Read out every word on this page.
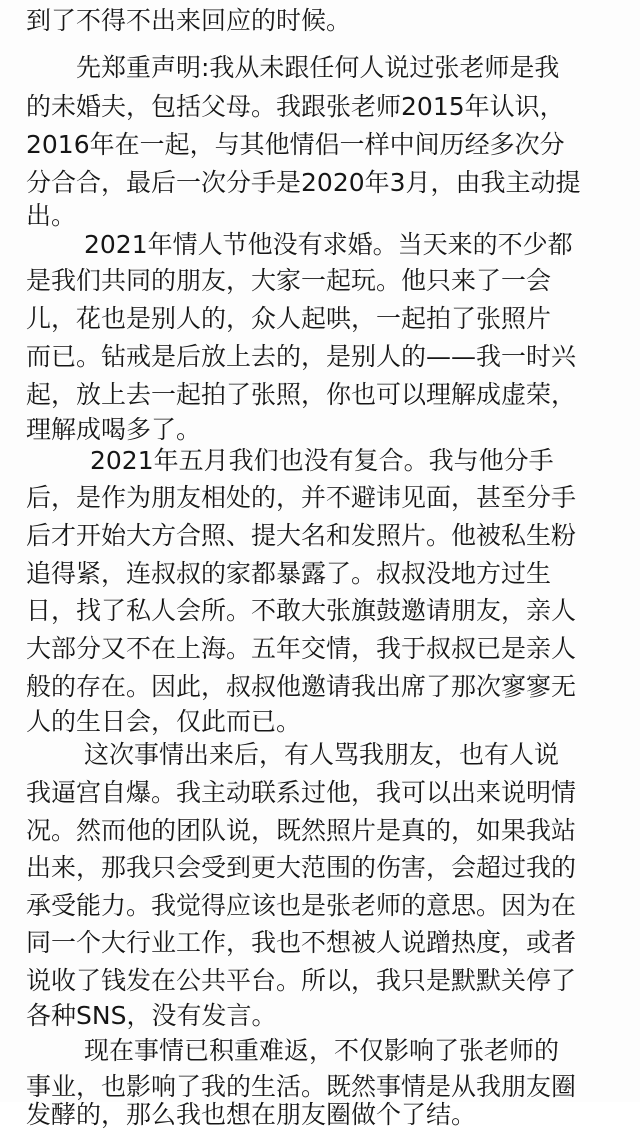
到了不得不出来回应的时候。
先郑重声明:我从未跟任何人说过张老师是我
的未婚夫，包括父母。我跟张老师2015年认识，
2016年在一起，与其他情侣一样中间历经多次分
分合合，最后一次分手是2020年3月，由我主动提
出。
2021年情人节他没有求婚。当天来的不少都
是我们共同的朋友，大家一起玩。他只来了一会
儿，花也是别人的，众人起哄，一起拍了张照片
而已。钻戒是后放上去的，是别人的——我一时兴
起，放上去一起拍了张照，你也可以理解成虚荣，
理解成喝多了。
2021年五月我们也没有复合。我与他分手
后，是作为朋友相处的，并不避讳见面，甚至分手
后才开始大方合照、提大名和发照片。他被私生粉
追得紧，连叔叔的家都暴露了。叔叔没地方过生
日，找了私人会所。不敢大张旗鼓邀请朋友，亲人
大部分又不在上海。五年交情，我于叔叔已是亲人
般的存在。因此，叔叔他邀请我出席了那次寥寥无
人的生日会，仅此而已。
这次事情出来后，有人骂我朋友，也有人说
我逼宫自爆。我主动联系过他，我可以出来说明情
况。然而他的团队说，既然照片是真的，如果我站
出来，那我只会受到更大范围的伤害，会超过我的
承受能力。我觉得应该也是张老师的意思。因为在
同一个大行业工作，我也不想被人说蹭热度，或者
说收了钱发在公共平台。所以，我只是默默关停了
各种SNS，没有发言。
现在事情已积重难返，不仅影响了张老师的
事业，也影响了我的生活。既然事情是从我朋友圈
发酵的，那么我也想在朋友圈做个了结。
